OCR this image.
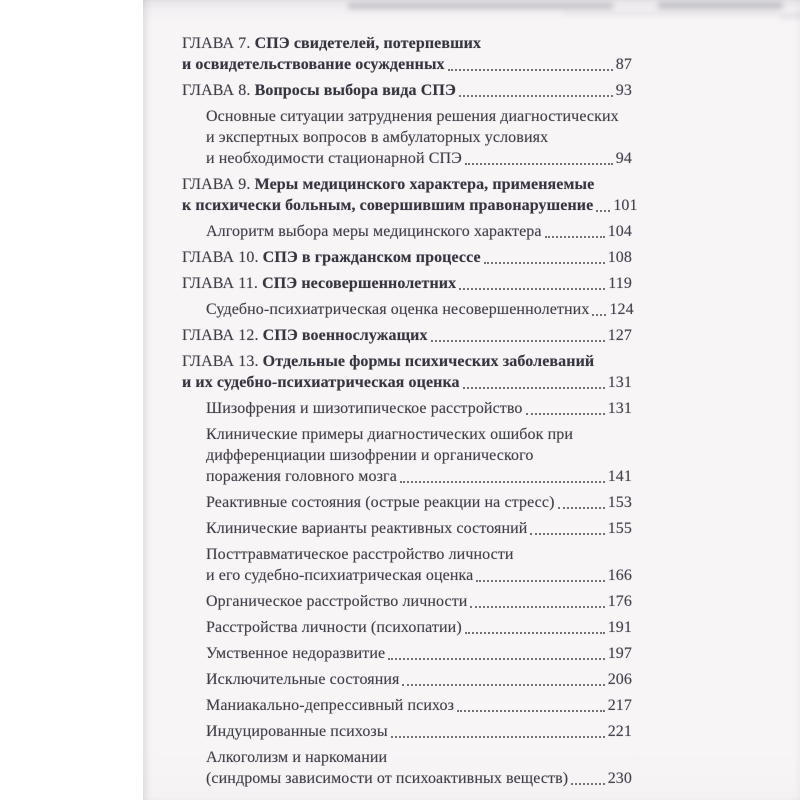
ГЛАВА 7. СПЭ свидетелей, потерпевших
и освидетельствование осужденных	87
ГЛАВА 8. Вопросы выбора вида СПЭ	93
Основные ситуации затруднения решения диагностических
и экспертных вопросов в амбулаторных условиях
и необходимости стационарной СПЭ	94
ГЛАВА 9. Меры медицинского характера, применяемые
к психически больным, совершившим правонарушение 101
Алгоритм выбора меры медицинского характера	104
ГЛАВА 10. СПЭ в гражданском процессе	108
ГЛАВА 11. СПЭ несовершеннолетних	119
Судебно-психиатрическая оценка несовершеннолетних 124
ГЛАВА 12. СПЭ военнослужащих	127
ГЛАВА 13. Отдельные формы психических заболеваний
и их судебно-психиатрическая оценка	131
Шизофрения и шизотипическое расстройство	131
Клинические примеры диагностических ошибок при
дифференциации шизофрении и органического
поражения головного мозга	141
Реактивные состояния (острые реакции на стресс)	153
Клинические варианты реактивных состояний	155
Посттравматическое расстройство личности
и его судебно-психиатрическая оценка	166
Органическое расстройство личности	176
Расстройства личности (психопатии)	191
Умственное недоразвитие	197
Исключительные состояния	206
Маниакально-депрессивный психоз	217
Индуцированные психозы	221
Алкоголизм и наркомании
(синдромы зависимости от психоактивных веществ) 230
